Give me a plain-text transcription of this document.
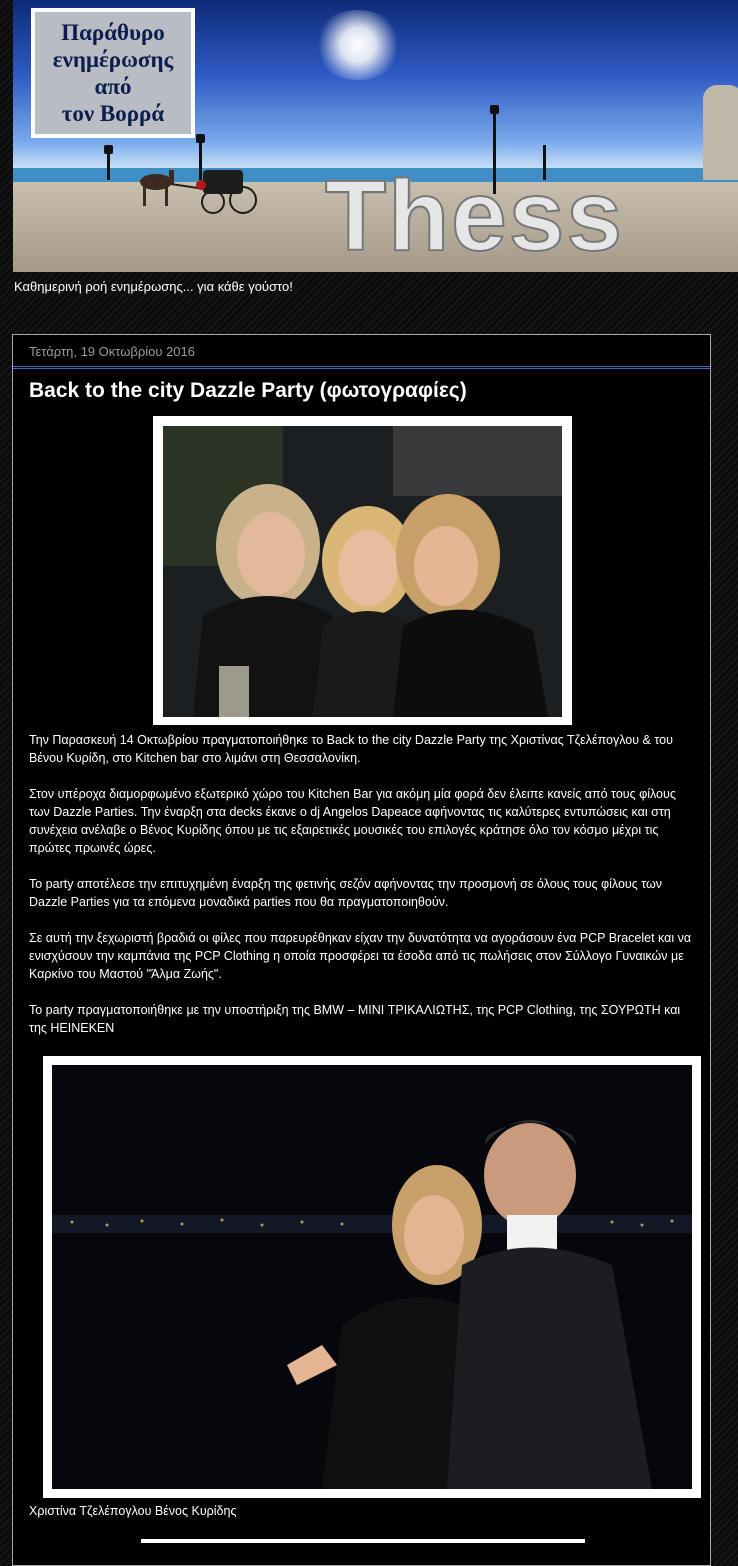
Παράθυρο
ενημέρωσης
από
τον Βορρά
Thess
Καθημερινή ροή ενημέρωσης... για κάθε γούστο!
Τετάρτη, 19 Οκτωβρίου 2016
Back to the city Dazzle Party (φωτογραφίες)

Την Παρασκευή 14 Οκτωβρίου πραγματοποιήθηκε το Back to the city Dazzle Party της Χριστίνας Τζελέπογλου & του Βένου Κυρίδη, στο Kitchen bar στο λιμάνι στη Θεσσαλονίκη.

Στον υπέροχα διαμορφωμένο εξωτερικό χώρο του Kitchen Bar για ακόμη μία φορά δεν έλειπε κανείς από τους φίλους των Dazzle Parties. Την έναρξη στα decks έκανε ο dj Angelos Dapeace αφήνοντας τις καλύτερες εντυπώσεις και στη συνέχεια ανέλαβε ο Βένος Κυρίδης όπου με τις εξαιρετικές μουσικές του επιλογές κράτησε όλο τον κόσμο μέχρι τις πρώτες πρωινές ώρες.

Το party αποτέλεσε την επιτυχημένη έναρξη της φετινής σεζόν αφήνοντας την προσμονή σε όλους τους φίλους των Dazzle Parties για τα επόμενα μοναδικά parties που θα πραγματοποιηθούν.

Σε αυτή την ξεχωριστή βραδιά οι φίλες που παρευρέθηκαν είχαν την δυνατότητα να αγοράσουν ένα PCP Bracelet και να ενισχύσουν την καμπάνια της PCP Clothing η οποία προσφέρει τα έσοδα από τις πωλήσεις στον Σύλλογο Γυναικών με Καρκίνο του Μαστού "Άλμα Ζωής".

Το party πραγματοποιήθηκε με την υποστήριξη της BMW – MINI ΤΡΙΚΑΛΙΩΤΗΣ, της PCP Clothing, της ΣΟΥΡΩΤΗ και της HEINEKEN

Χριστίνα Τζελέπογλου Βένος Κυρίδης
